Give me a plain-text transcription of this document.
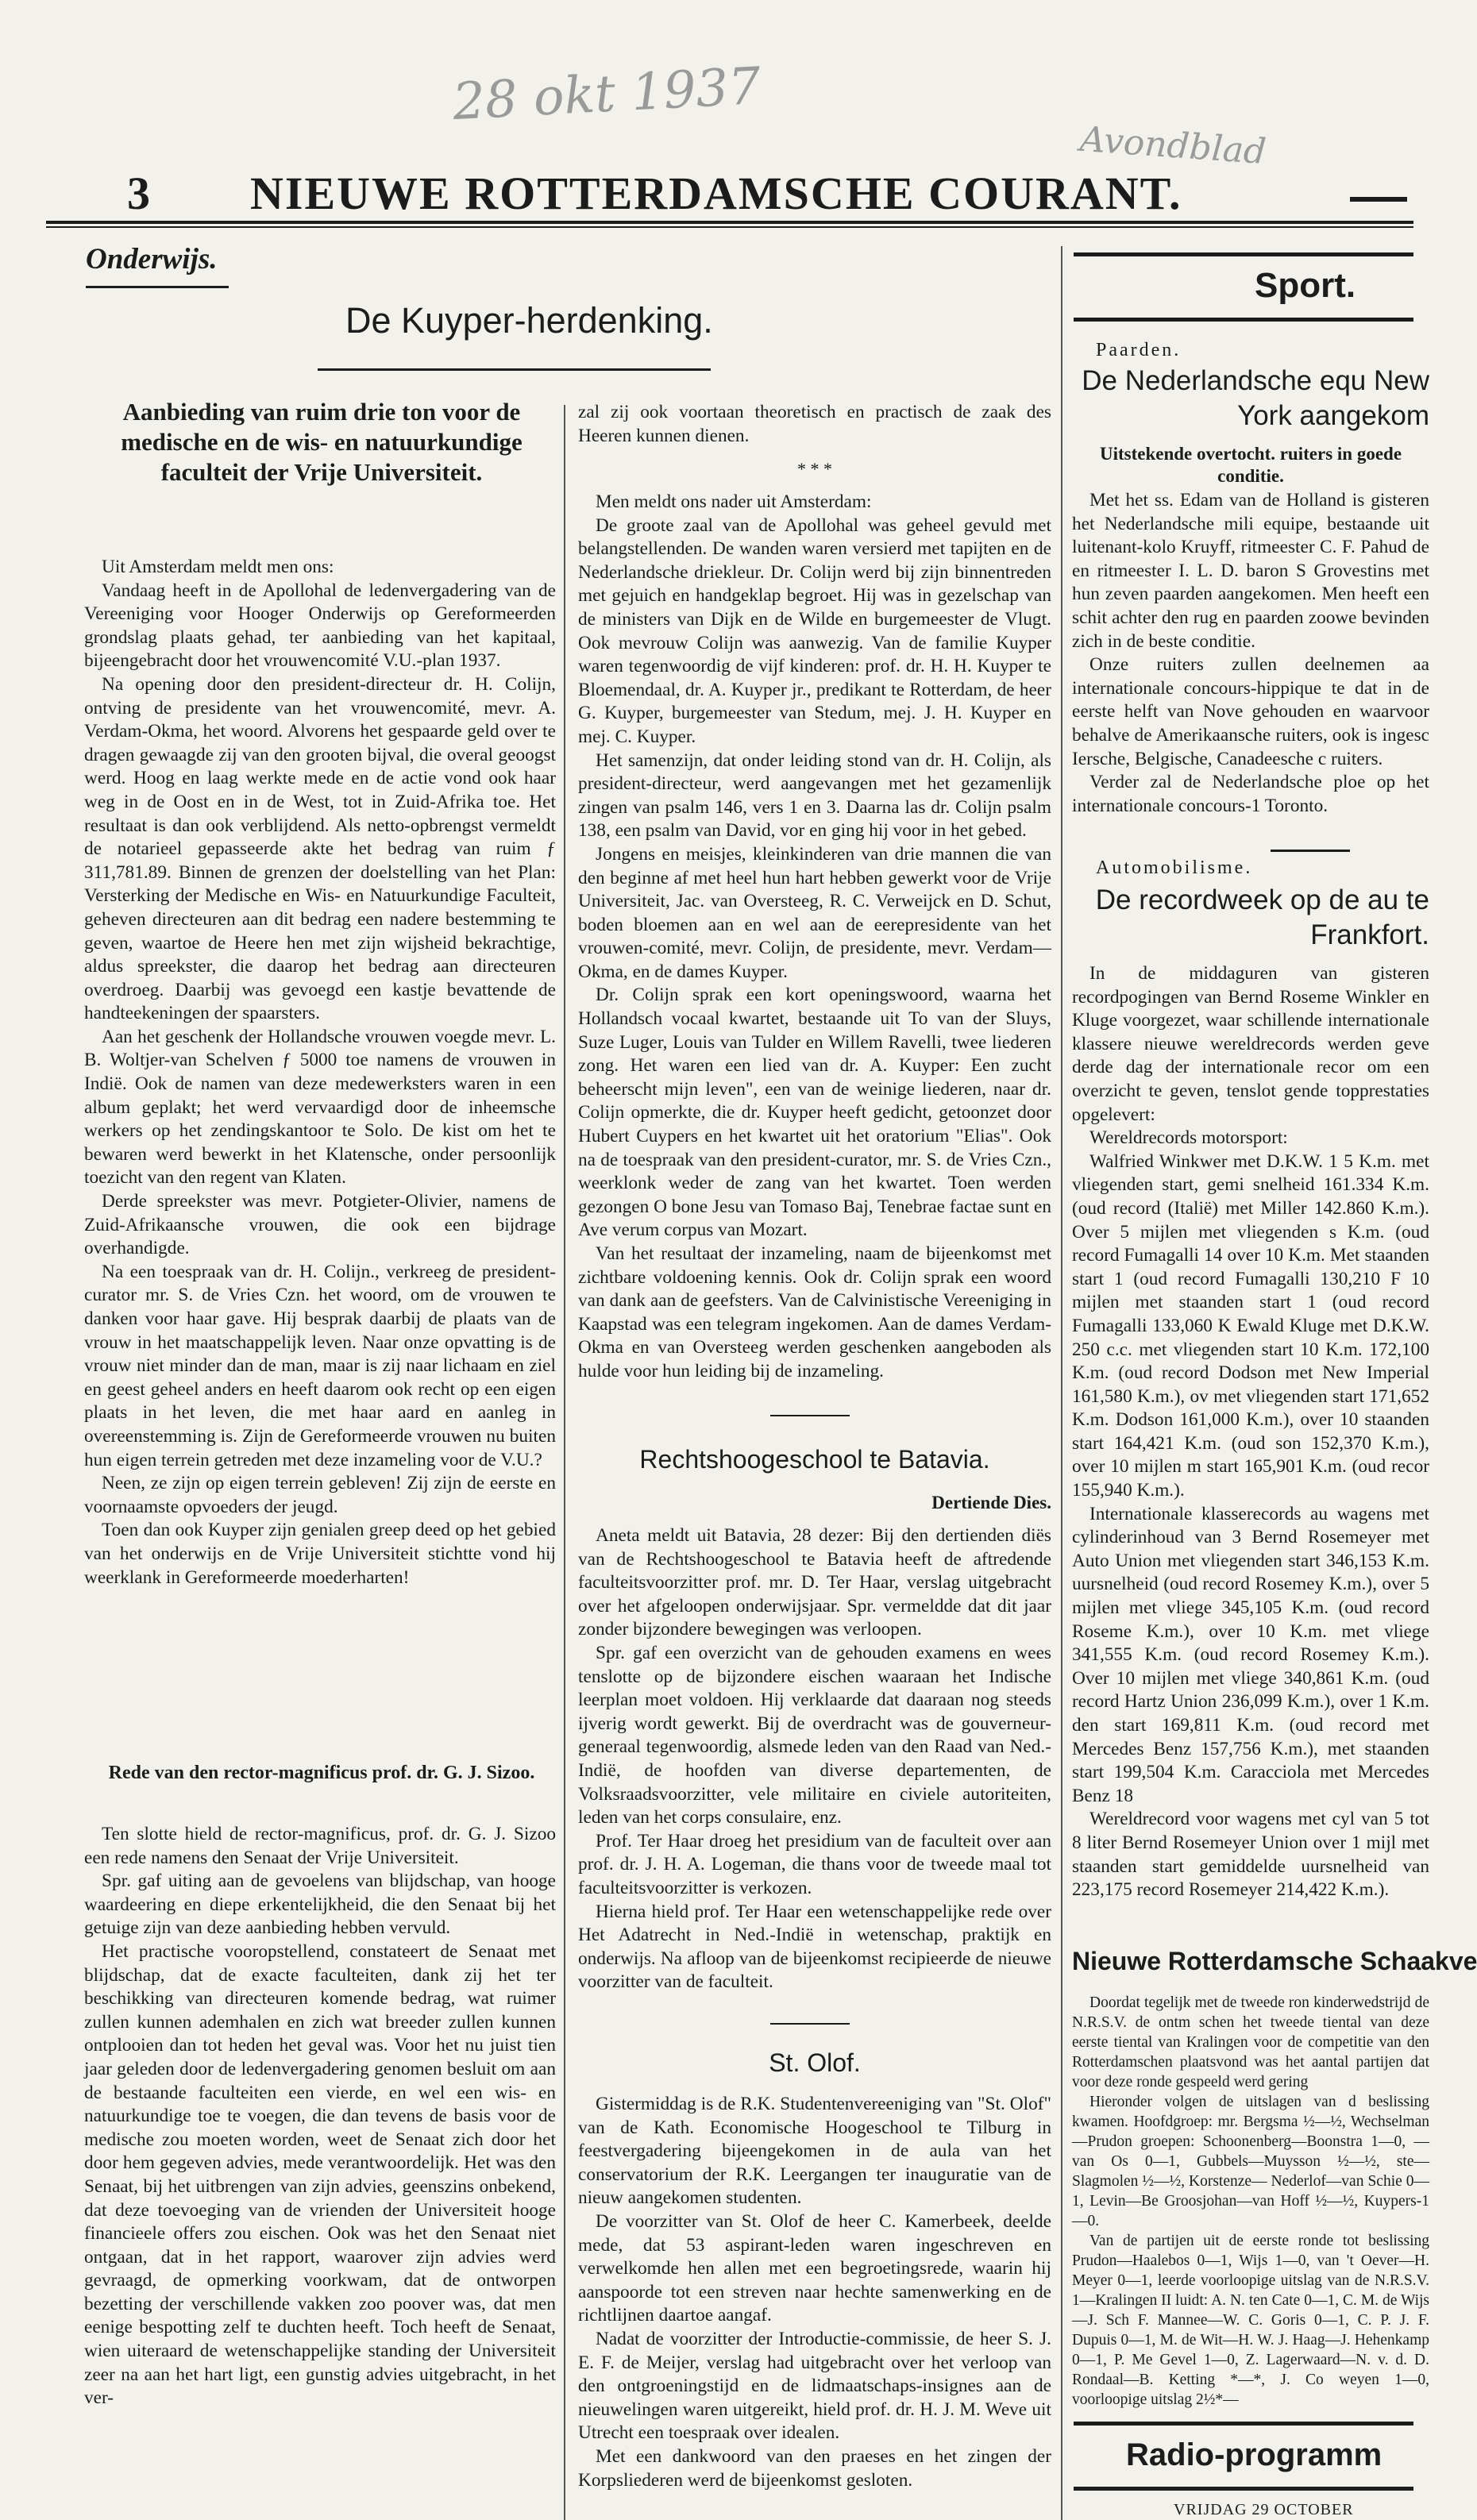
28 okt 1937
Avondblad
3 NIEUWE ROTTERDAMSCHE COURANT.
Onderwijs.
Sport.
De Kuyper-herdenking.
Aanbieding van ruim drie ton voor de medische en de wis- en natuurkundige faculteit der Vrije Universiteit.

Uit Amsterdam meldt men ons:

Vandaag heeft in de Apollohal de ledenvergadering van de Vereeniging voor Hooger Onderwijs op Gereformeerden grondslag plaats gehad, ter aanbieding van het kapitaal, bijeengebracht door het vrouwencomité V.U.-plan 1937.

Na opening door den president-directeur dr. H. Colijn, ontving de presidente van het vrouwencomité, mevr. A. Verdam-Okma, het woord. Alvorens het gespaarde geld over te dragen gewaagde zij van den grooten bijval, die overal geoogst werd. Hoog en laag werkte mede en de actie vond ook haar weg in de Oost en in de West, tot in Zuid-Afrika toe. Het resultaat is dan ook verblijdend. Als netto-opbrengst vermeldt de notarieel gepasseerde akte het bedrag van ruim ƒ 311,781.89. Binnen de grenzen der doelstelling van het Plan: Versterking der Medische en Wis- en Natuurkundige Faculteit, geheven directeuren aan dit bedrag een nadere bestemming te geven, waartoe de Heere hen met zijn wijsheid bekrachtige, aldus spreekster, die daarop het bedrag aan directeuren overdroeg. Daarbij was gevoegd een kastje bevattende de handteekeningen der spaarsters.

Aan het geschenk der Hollandsche vrouwen voegde mevr. L. B. Woltjer-van Schelven ƒ 5000 toe namens de vrouwen in Indië. Ook de namen van deze medewerksters waren in een album geplakt; het werd vervaardigd door de inheemsche werkers op het zendingskantoor te Solo. De kist om het te bewaren werd bewerkt in het Klatensche, onder persoonlijk toezicht van den regent van Klaten.

Derde spreekster was mevr. Potgieter-Olivier, namens de Zuid-Afrikaansche vrouwen, die ook een bijdrage overhandigde.

Na een toespraak van dr. H. Colijn., verkreeg de president-curator mr. S. de Vries Czn. het woord, om de vrouwen te danken voor haar gave. Hij besprak daarbij de plaats van de vrouw in het maatschappelijk leven. Naar onze opvatting is de vrouw niet minder dan de man, maar is zij naar lichaam en ziel en geest geheel anders en heeft daarom ook recht op een eigen plaats in het leven, die met haar aard en aanleg in overeenstemming is. Zijn de Gereformeerde vrouwen nu buiten hun eigen terrein getreden met deze inzameling voor de V.U.?

Neen, ze zijn op eigen terrein gebleven! Zij zijn de eerste en voornaamste opvoeders der jeugd.

Toen dan ook Kuyper zijn genialen greep deed op het gebied van het onderwijs en de Vrije Universiteit stichtte vond hij weerklank in Gereformeerde moederharten!

Rede van den rector-magnificus prof. dr. G. J. Sizoo.

Ten slotte hield de rector-magnificus, prof. dr. G. J. Sizoo een rede namens den Senaat der Vrije Universiteit.

Spr. gaf uiting aan de gevoelens van blijdschap, van hooge waardeering en diepe erkentelijkheid, die den Senaat bij het getuige zijn van deze aanbieding hebben vervuld.

Het practische vooropstellend, constateert de Senaat met blijdschap, dat de exacte faculteiten, dank zij het ter beschikking van directeuren komende bedrag, wat ruimer zullen kunnen ademhalen en zich wat breeder zullen kunnen ontplooien dan tot heden het geval was. Voor het nu juist tien jaar geleden door de ledenvergadering genomen besluit om aan de bestaande faculteiten een vierde, en wel een wis- en natuurkundige toe te voegen, die dan tevens de basis voor de medische zou moeten worden, weet de Senaat zich door het door hem gegeven advies, mede verantwoordelijk. Het was den Senaat, bij het uitbrengen van zijn advies, geenszins onbekend, dat deze toevoeging van de vrienden der Universiteit hooge financieele offers zou eischen. Ook was het den Senaat niet ontgaan, dat in het rapport, waarover zijn advies werd gevraagd, de opmerking voorkwam, dat de ontworpen bezetting der verschillende vakken zoo poover was, dat men eenige bespotting zelf te duchten heeft. Toch heeft de Senaat, wien uiteraard de wetenschappelijke standing der Universiteit zeer na aan het hart ligt, een gunstig advies uitgebracht, in het ver-

zal zij ook voortaan theoretisch en practisch de zaak des Heeren kunnen dienen.

* * *

Men meldt ons nader uit Amsterdam:

De groote zaal van de Apollohal was geheel gevuld met belangstellenden. De wanden waren versierd met tapijten en de Nederlandsche driekleur. Dr. Colijn werd bij zijn binnentreden met gejuich en handgeklap begroet. Hij was in gezelschap van de ministers van Dijk en de Wilde en burgemeester de Vlugt. Ook mevrouw Colijn was aanwezig. Van de familie Kuyper waren tegenwoordig de vijf kinderen: prof. dr. H. H. Kuyper te Bloemendaal, dr. A. Kuyper jr., predikant te Rotterdam, de heer G. Kuyper, burgemeester van Stedum, mej. J. H. Kuyper en mej. C. Kuyper.

Het samenzijn, dat onder leiding stond van dr. H. Colijn, als president-directeur, werd aangevangen met het gezamenlijk zingen van psalm 146, vers 1 en 3. Daarna las dr. Colijn psalm 138, een psalm van David, vor en ging hij voor in het gebed.

Jongens en meisjes, kleinkinderen van drie mannen die van den beginne af met heel hun hart hebben gewerkt voor de Vrije Universiteit, Jac. van Oversteeg, R. C. Verweijck en D. Schut, boden bloemen aan en wel aan de eerepresidente van het vrouwen-comité, mevr. Colijn, de presidente, mevr. Verdam—Okma, en de dames Kuyper.

Dr. Colijn sprak een kort openingswoord, waarna het Hollandsch vocaal kwartet, bestaande uit To van der Sluys, Suze Luger, Louis van Tulder en Willem Ravelli, twee liederen zong. Het waren een lied van dr. A. Kuyper: Een zucht beheerscht mijn leven", een van de weinige liederen, naar dr. Colijn opmerkte, die dr. Kuyper heeft gedicht, getoonzet door Hubert Cuypers en het kwartet uit het oratorium "Elias". Ook na de toespraak van den president-curator, mr. S. de Vries Czn., weerklonk weder de zang van het kwartet. Toen werden gezongen O bone Jesu van Tomaso Baj, Tenebrae factae sunt en Ave verum corpus van Mozart.

Van het resultaat der inzameling, naam de bijeenkomst met zichtbare voldoening kennis. Ook dr. Colijn sprak een woord van dank aan de geefsters. Van de Calvinistische Vereeniging in Kaapstad was een telegram ingekomen. Aan de dames Verdam-Okma en van Oversteeg werden geschenken aangeboden als hulde voor hun leiding bij de inzameling.

Rechtshoogeschool te Batavia.
Dertiende Dies.

Aneta meldt uit Batavia, 28 dezer: Bij den dertienden diës van de Rechtshoogeschool te Batavia heeft de aftredende faculteitsvoorzitter prof. mr. D. Ter Haar, verslag uitgebracht over het afgeloopen onderwijsjaar. Spr. vermeldde dat dit jaar zonder bijzondere bewegingen was verloopen.

Spr. gaf een overzicht van de gehouden examens en wees tenslotte op de bijzondere eischen waaraan het Indische leerplan moet voldoen. Hij verklaarde dat daaraan nog steeds ijverig wordt gewerkt. Bij de overdracht was de gouverneur-generaal tegenwoordig, alsmede leden van den Raad van Ned.-Indië, de hoofden van diverse departementen, de Volksraadsvoorzitter, vele militaire en civiele autoriteiten, leden van het corps consulaire, enz.

Prof. Ter Haar droeg het presidium van de faculteit over aan prof. dr. J. H. A. Logeman, die thans voor de tweede maal tot faculteitsvoorzitter is verkozen.

Hierna hield prof. Ter Haar een wetenschappelijke rede over Het Adatrecht in Ned.-Indië in wetenschap, praktijk en onderwijs. Na afloop van de bijeenkomst recipieerde de nieuwe voorzitter van de faculteit.

St. Olof.

Gistermiddag is de R.K. Studentenvereeniging van "St. Olof" van de Kath. Economische Hoogeschool te Tilburg in feestvergadering bijeengekomen in de aula van het conservatorium der R.K. Leergangen ter inauguratie van de nieuw aangekomen studenten.

De voorzitter van St. Olof de heer C. Kamerbeek, deelde mede, dat 53 aspirant-leden waren ingeschreven en verwelkomde hen allen met een begroetingsrede, waarin hij aanspoorde tot een streven naar hechte samenwerking en de richtlijnen daartoe aangaf.

Nadat de voorzitter der Introductie-commissie, de heer S. J. E. F. de Meijer, verslag had uitgebracht over het verloop van den ontgroeningstijd en de lidmaatschaps-insignes aan de nieuwelingen waren uitgereikt, hield prof. dr. H. J. M. Weve uit Utrecht een toespraak over idealen.

Met een dankwoord van den praeses en het zingen der Korpsliederen werd de bijeenkomst gesloten.

Paarden.
De Nederlandsche equ New York aangekom
Uitstekende overtocht. ruiters in goede conditie.

Met het ss. Edam van de Holland is gisteren het Nederlandsche mili equipe, bestaande uit luitenant-kolo Kruyff, ritmeester C. F. Pahud de en ritmeester I. L. D. baron S Grovestins met hun zeven paarden aangekomen. Men heeft een schit achter den rug en paarden zoowe bevinden zich in de beste conditie.

Onze ruiters zullen deelnemen aa internationale concours-hippique te dat in de eerste helft van Nove gehouden en waarvoor behalve de Amerikaansche ruiters, ook is ingesc Iersche, Belgische, Canadeesche c ruiters.

Verder zal de Nederlandsche ploe op het internationale concours-1 Toronto.

Automobilisme.
De recordweek op de au te Frankfort.

In de middaguren van gisteren recordpogingen van Bernd Roseme Winkler en Kluge voorgezet, waar schillende internationale klassere nieuwe wereldrecords werden geve derde dag der internationale recor om een overzicht te geven, tenslot gende topprestaties opgelevert:

Wereldrecords motorsport:

Walfried Winkwer met D.K.W. 1 5 K.m. met vliegenden start, gemi snelheid 161.334 K.m. (oud record (Italië) met Miller 142.860 K.m.). Over 5 mijlen met vliegenden s K.m. (oud record Fumagalli 14 over 10 K.m. Met staanden start 1 (oud record Fumagalli 130,210 F 10 mijlen met staanden start 1 (oud record Fumagalli 133,060 K Ewald Kluge met D.K.W. 250 c.c. met vliegenden start 10 K.m. 172,100 K.m. (oud record Dodson met New Imperial 161,580 K.m.), ov met vliegenden start 171,652 K.m. Dodson 161,000 K.m.), over 10 staanden start 164,421 K.m. (oud son 152,370 K.m.), over 10 mijlen m start 165,901 K.m. (oud recor 155,940 K.m.).

Internationale klasserecords au wagens met cylinderinhoud van 3 Bernd Rosemeyer met Auto Union met vliegenden start 346,153 K.m. uursnelheid (oud record Rosemey K.m.), over 5 mijlen met vliege 345,105 K.m. (oud record Roseme K.m.), over 10 K.m. met vliege 341,555 K.m. (oud record Rosemey K.m.). Over 10 mijlen met vliege 340,861 K.m. (oud record Hartz Union 236,099 K.m.), over 1 K.m. den start 169,811 K.m. (oud record met Mercedes Benz 157,756 K.m.), met staanden start 199,504 K.m. Caracciola met Mercedes Benz 18

Wereldrecord voor wagens met cyl van 5 tot 8 liter Bernd Rosemeyer Union over 1 mijl met staanden start gemiddelde uursnelheid van 223,175 record Rosemeyer 214,422 K.m.).

Nieuwe Rotterdamsche Schaakve

Doordat tegelijk met de tweede ron kinderwedstrijd de N.R.S.V. de ontm schen het tweede tiental van deze eerste tiental van Kralingen voor de competitie van den Rotterdamschen plaatsvond was het aantal partijen dat voor deze ronde gespeeld werd gering

Hieronder volgen de uitslagen van d beslissing kwamen. Hoofdgroep: mr. Bergsma ½—½, Wechselman—Prudon groepen: Schoonenberg—Boonstra 1—0, —van Os 0—1, Gubbels—Muysson ½—½, ste—Slagmolen ½—½, Korstenze— Nederlof—van Schie 0—1, Levin—Be Groosjohan—van Hoff ½—½, Kuypers-1—0.

Van de partijen uit de eerste ronde tot beslissing Prudon—Haalebos 0—1, Wijs 1—0, van 't Oever—H. Meyer 0—1, leerde voorloopige uitslag van de N.R.S.V. 1—Kralingen II luidt: A. N. ten Cate 0—1, C. M. de Wijs—J. Sch F. Mannee—W. C. Goris 0—1, C. P. J. F. Dupuis 0—1, M. de Wit—H. W. J. Haag—J. Hehenkamp 0—1, P. Me Gevel 1—0, Z. Lagerwaard—N. v. d. D. Rondaal—B. Ketting *—*, J. Co weyen 1—0, voorloopige uitslag 2½*—

Radio-programm
VRIJDAG 29 OCTOBER
